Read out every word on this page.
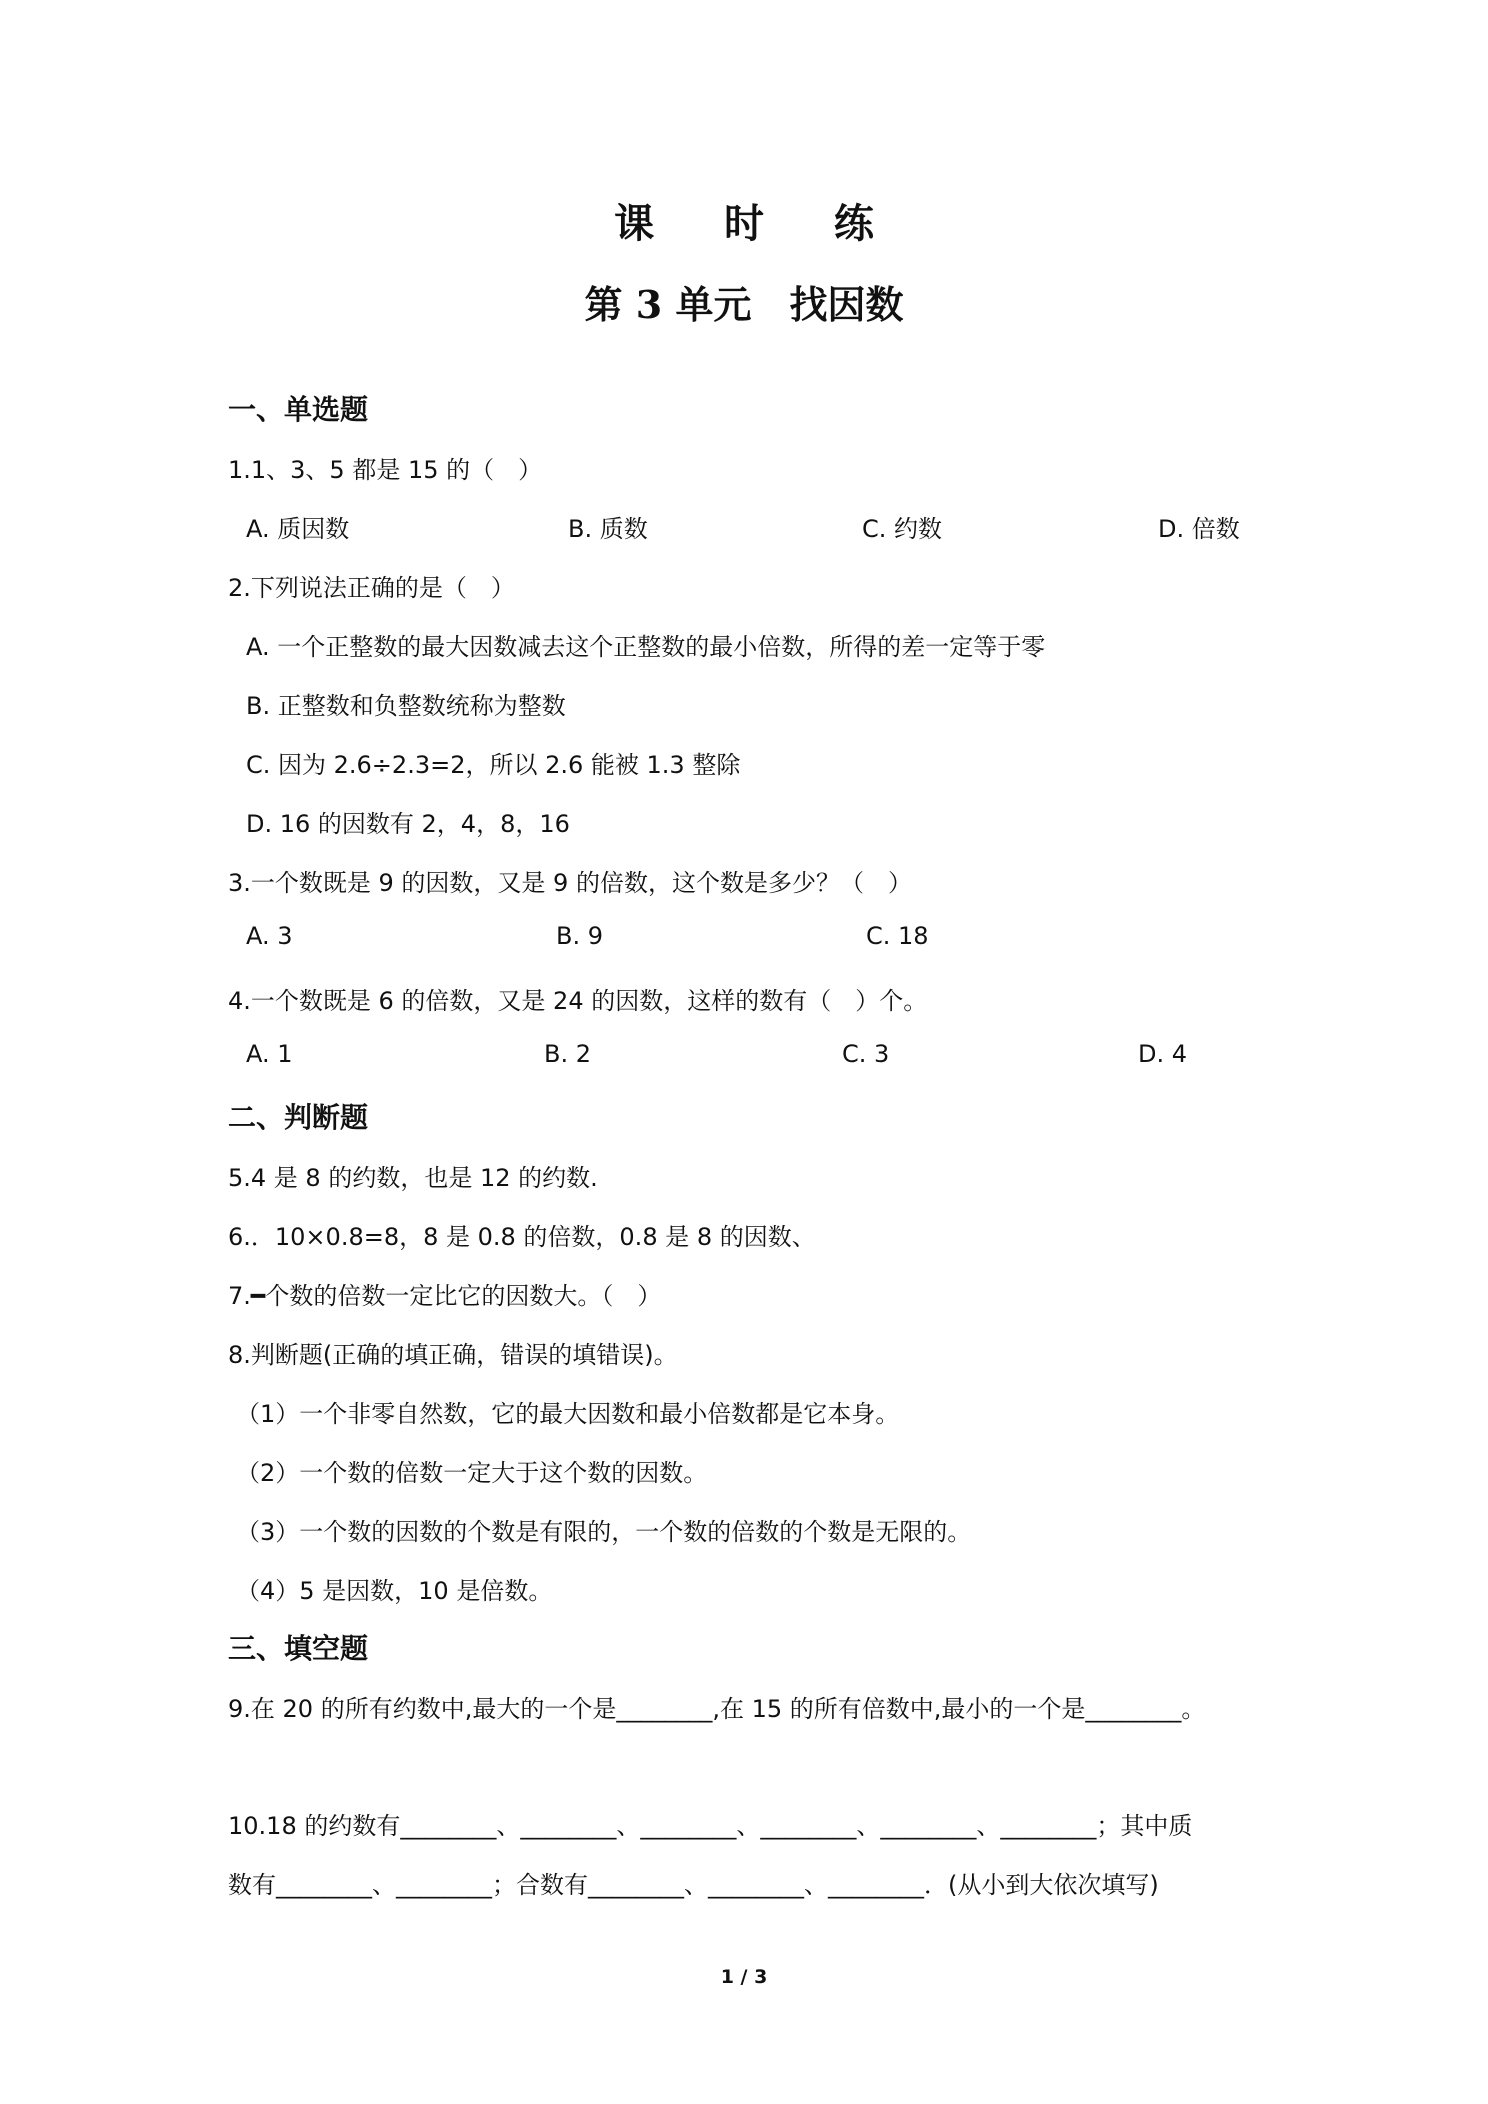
课 时 练
第 3 单元　找因数
一、单选题
1.1、3、5 都是 15 的（　）
A. 质因数	B. 质数	C. 约数	D. 倍数
2.下列说法正确的是（　）
A. 一个正整数的最大因数减去这个正整数的最小倍数，所得的差一定等于零
B. 正整数和负整数统称为整数
C. 因为 2.6÷2.3=2，所以 2.6 能被 1.3 整除
D. 16 的因数有 2，4，8，16
3.一个数既是 9 的因数，又是 9 的倍数，这个数是多少？（　）
A. 3	B. 9	C. 18
4.一个数既是 6 的倍数，又是 24 的因数，这样的数有（　）个。
A. 1	B. 2	C. 3	D. 4
二、判断题
5.4 是 8 的约数，也是 12 的约数.
6.．10×0.8=8，8 是 0.8 的倍数，0.8 是 8 的因数、
7.━个数的倍数一定比它的因数大。（　）
8.判断题(正确的填正确，错误的填错误)。
（1）一个非零自然数，它的最大因数和最小倍数都是它本身。
（2）一个数的倍数一定大于这个数的因数。
（3）一个数的因数的个数是有限的，一个数的倍数的个数是无限的。
（4）5 是因数，10 是倍数。
三、填空题
9.在 20 的所有约数中,最大的一个是________,在 15 的所有倍数中,最小的一个是________。
10.18 的约数有________、________、________、________、________、________；其中质
数有________、________；合数有________、________、________．(从小到大依次填写)
1 / 3
